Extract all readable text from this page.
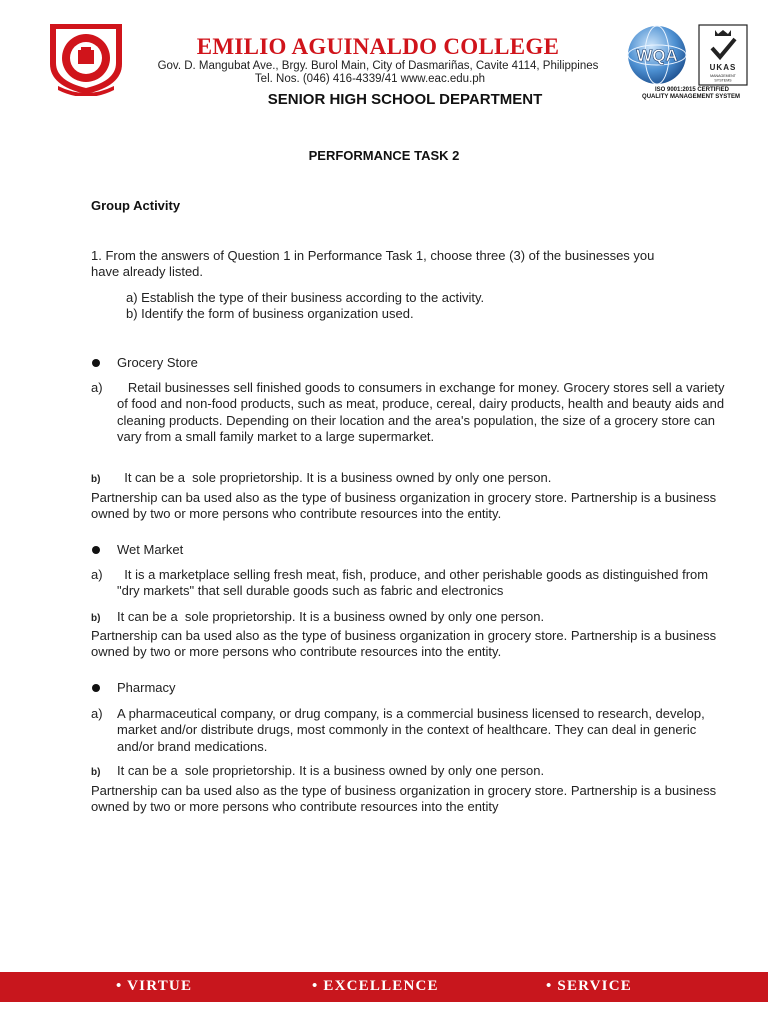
EMILIO AGUINALDO COLLEGE
Gov. D. Mangubat Ave., Brgy. Burol Main, City of Dasmariñas, Cavite 4114, Philippines
Tel. Nos. (046) 416-4339/41 www.eac.edu.ph
SENIOR HIGH SCHOOL DEPARTMENT
WQA
UKAS
MANAGEMENT
SYSTEMS
ISO 9001:2015 CERTIFIED
QUALITY MANAGEMENT SYSTEM
PERFORMANCE TASK 2
Group Activity
1. From the answers of Question 1 in Performance Task 1, choose three (3) of the businesses you have already listed.
a) Establish the type of their business according to the activity.
b) Identify the form of business organization used.
Grocery Store
a)	Retail businesses sell finished goods to consumers in exchange for money. Grocery stores sell a variety of food and non-food products, such as meat, produce, cereal, dairy products, health and beauty aids and cleaning products. Depending on their location and the area's population, the size of a grocery store can vary from a small family market to a large supermarket.
b)	It can be a  sole proprietorship. It is a business owned by only one person.
Partnership can ba used also as the type of business organization in grocery store. Partnership is a business owned by two or more persons who contribute resources into the entity.
Wet Market
a)	It is a marketplace selling fresh meat, fish, produce, and other perishable goods as distinguished from "dry markets" that sell durable goods such as fabric and electronics
b)	It can be a  sole proprietorship. It is a business owned by only one person.
Partnership can ba used also as the type of business organization in grocery store. Partnership is a business owned by two or more persons who contribute resources into the entity.
Pharmacy
a)	A pharmaceutical company, or drug company, is a commercial business licensed to research, develop, market and/or distribute drugs, most commonly in the context of healthcare. They can deal in generic and/or brand medications.
b)	It can be a  sole proprietorship. It is a business owned by only one person.
Partnership can ba used also as the type of business organization in grocery store. Partnership is a business owned by two or more persons who contribute resources into the entity
• VIRTUE	• EXCELLENCE	• SERVICE
